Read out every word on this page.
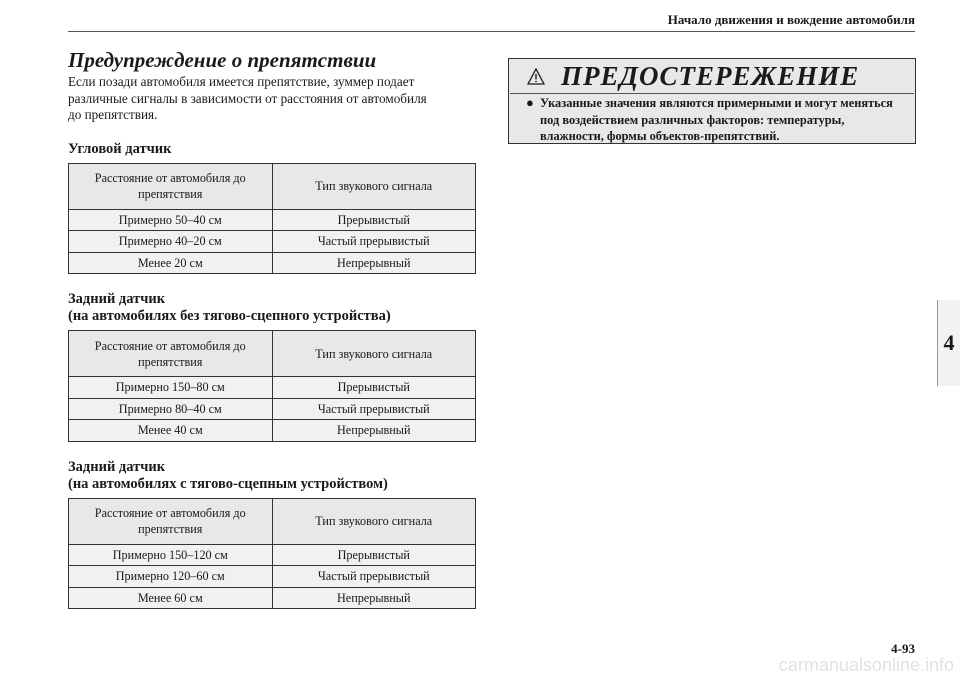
Начало движения и вождение автомобиля
Предупреждение о препятствии

Если позади автомобиля имеется препятствие, зуммер подает
различные сигналы в зависимости от расстояния от автомобиля
до препятствия.

Угловой датчик

Расстояние от автомобиля до препятствия	Тип звукового сигнала
Примерно 50–40 см	Прерывистый
Примерно 40–20 см	Частый прерывистый
Менее 20 см	Непрерывный

Задний датчик

(на автомобилях без тягово-сцепного устройства)

Расстояние от автомобиля до препятствия	Тип звукового сигнала
Примерно 150–80 см	Прерывистый
Примерно 80–40 см	Частый прерывистый
Менее 40 см	Непрерывный

Задний датчик

(на автомобилях с тягово-сцепным устройством)

Расстояние от автомобиля до препятствия	Тип звукового сигнала
Примерно 150–120 см	Прерывистый
Примерно 120–60 см	Частый прерывистый
Менее 60 см	Непрерывный
ПРЕДОСТЕРЕЖЕНИЕ
● Указанные значения являются примерными и могут меняться под воздействием различных факторов: температуры, влажности, формы объектов-препятствий.
4
4-93
carmanualsonline.info
